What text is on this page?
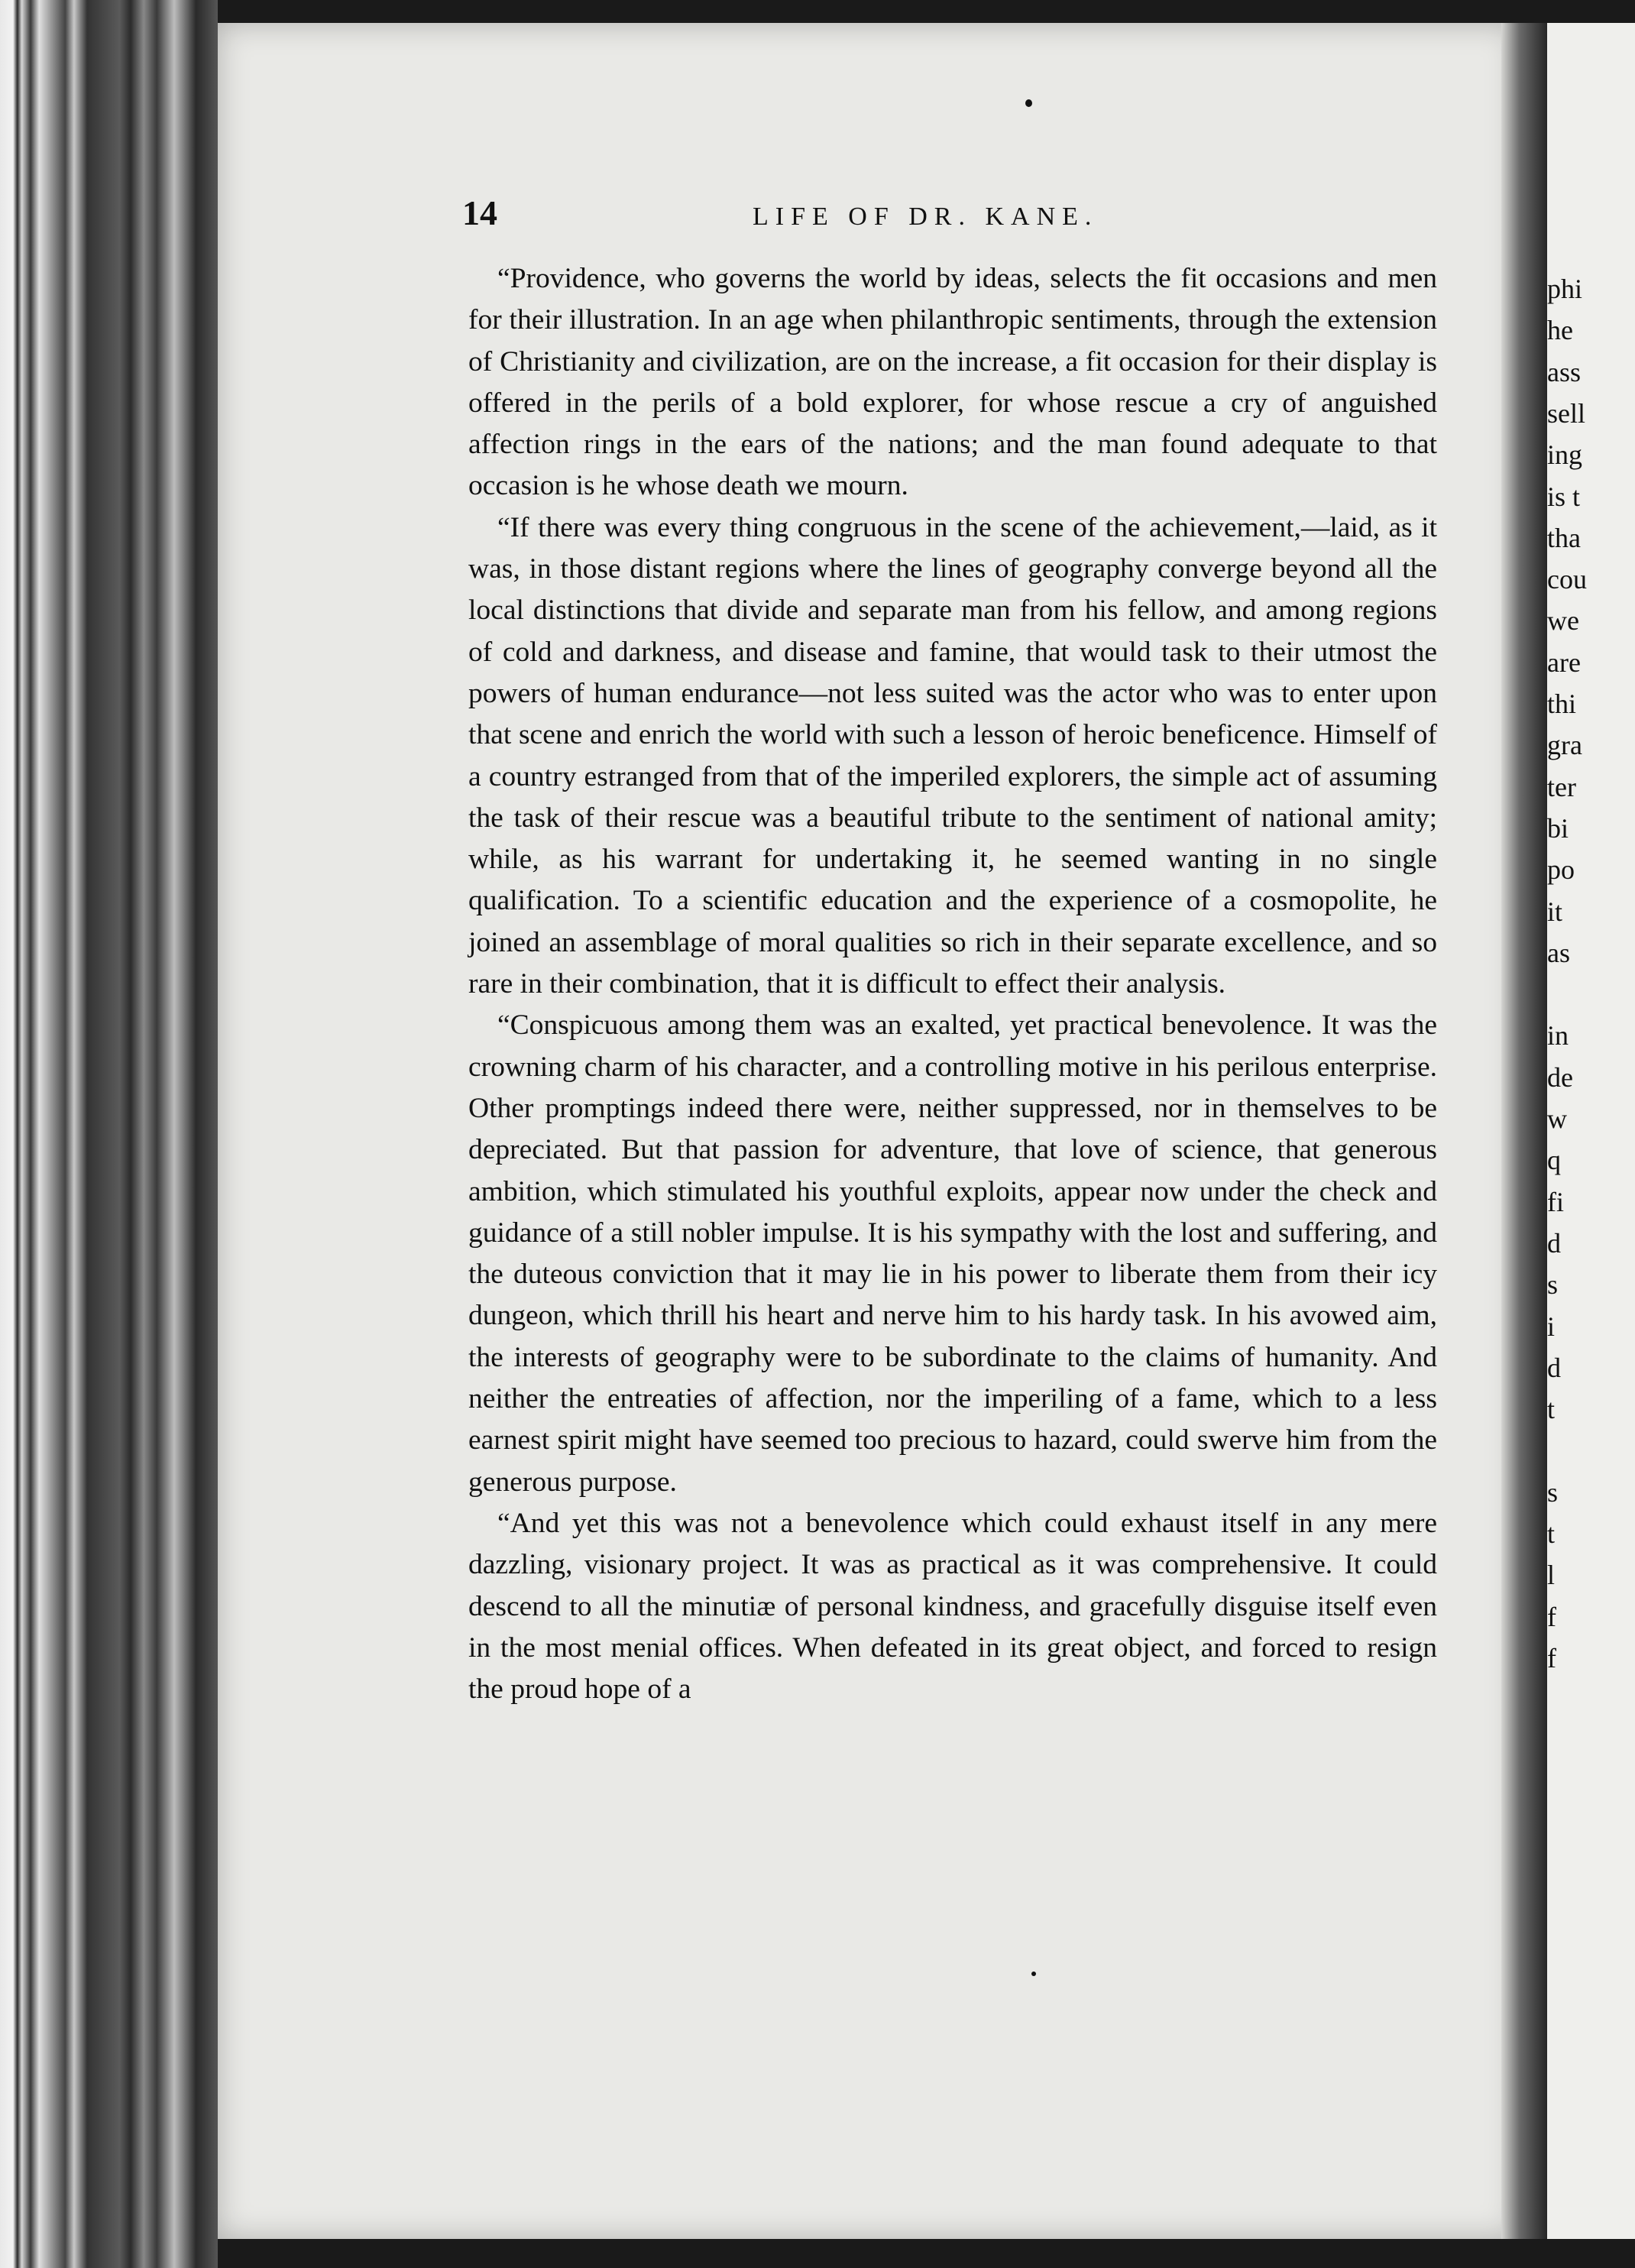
phi
he
ass
sell
ing
is t
tha
cou
we
are
thi
gra
ter
bi
po
it
as
in
de
w
q
fi
d
s
i
d
t
s
t
l
f
f
14	LIFE OF DR. KANE.

“Providence, who governs the world by ideas, selects the fit occasions and men for their illustration. In an age when philanthropic sentiments, through the extension of Christianity and civilization, are on the increase, a fit occasion for their display is offered in the perils of a bold explorer, for whose rescue a cry of anguished affection rings in the ears of the nations; and the man found adequate to that occasion is he whose death we mourn.

“If there was every thing congruous in the scene of the achievement,—laid, as it was, in those distant regions where the lines of geography converge beyond all the local distinctions that divide and separate man from his fellow, and among regions of cold and darkness, and disease and famine, that would task to their utmost the powers of human endurance—not less suited was the actor who was to enter upon that scene and enrich the world with such a lesson of heroic beneficence. Himself of a country estranged from that of the imperiled explorers, the simple act of assuming the task of their rescue was a beautiful tribute to the sentiment of national amity; while, as his warrant for undertaking it, he seemed wanting in no single qualification. To a scientific education and the experience of a cosmopolite, he joined an assemblage of moral qualities so rich in their separate excellence, and so rare in their combination, that it is difficult to effect their analysis.

“Conspicuous among them was an exalted, yet practical benevolence. It was the crowning charm of his character, and a controlling motive in his perilous enterprise. Other promptings indeed there were, neither suppressed, nor in themselves to be depreciated. But that passion for adventure, that love of science, that generous ambition, which stimulated his youthful exploits, appear now under the check and guidance of a still nobler impulse. It is his sympathy with the lost and suffering, and the duteous conviction that it may lie in his power to liberate them from their icy dungeon, which thrill his heart and nerve him to his hardy task. In his avowed aim, the interests of geography were to be subordinate to the claims of humanity. And neither the entreaties of affection, nor the imperiling of a fame, which to a less earnest spirit might have seemed too precious to hazard, could swerve him from the generous purpose.

“And yet this was not a benevolence which could exhaust itself in any mere dazzling, visionary project. It was as practical as it was comprehensive. It could descend to all the minutiæ of personal kindness, and gracefully disguise itself even in the most menial offices. When defeated in its great object, and forced to resign the proud hope of a
